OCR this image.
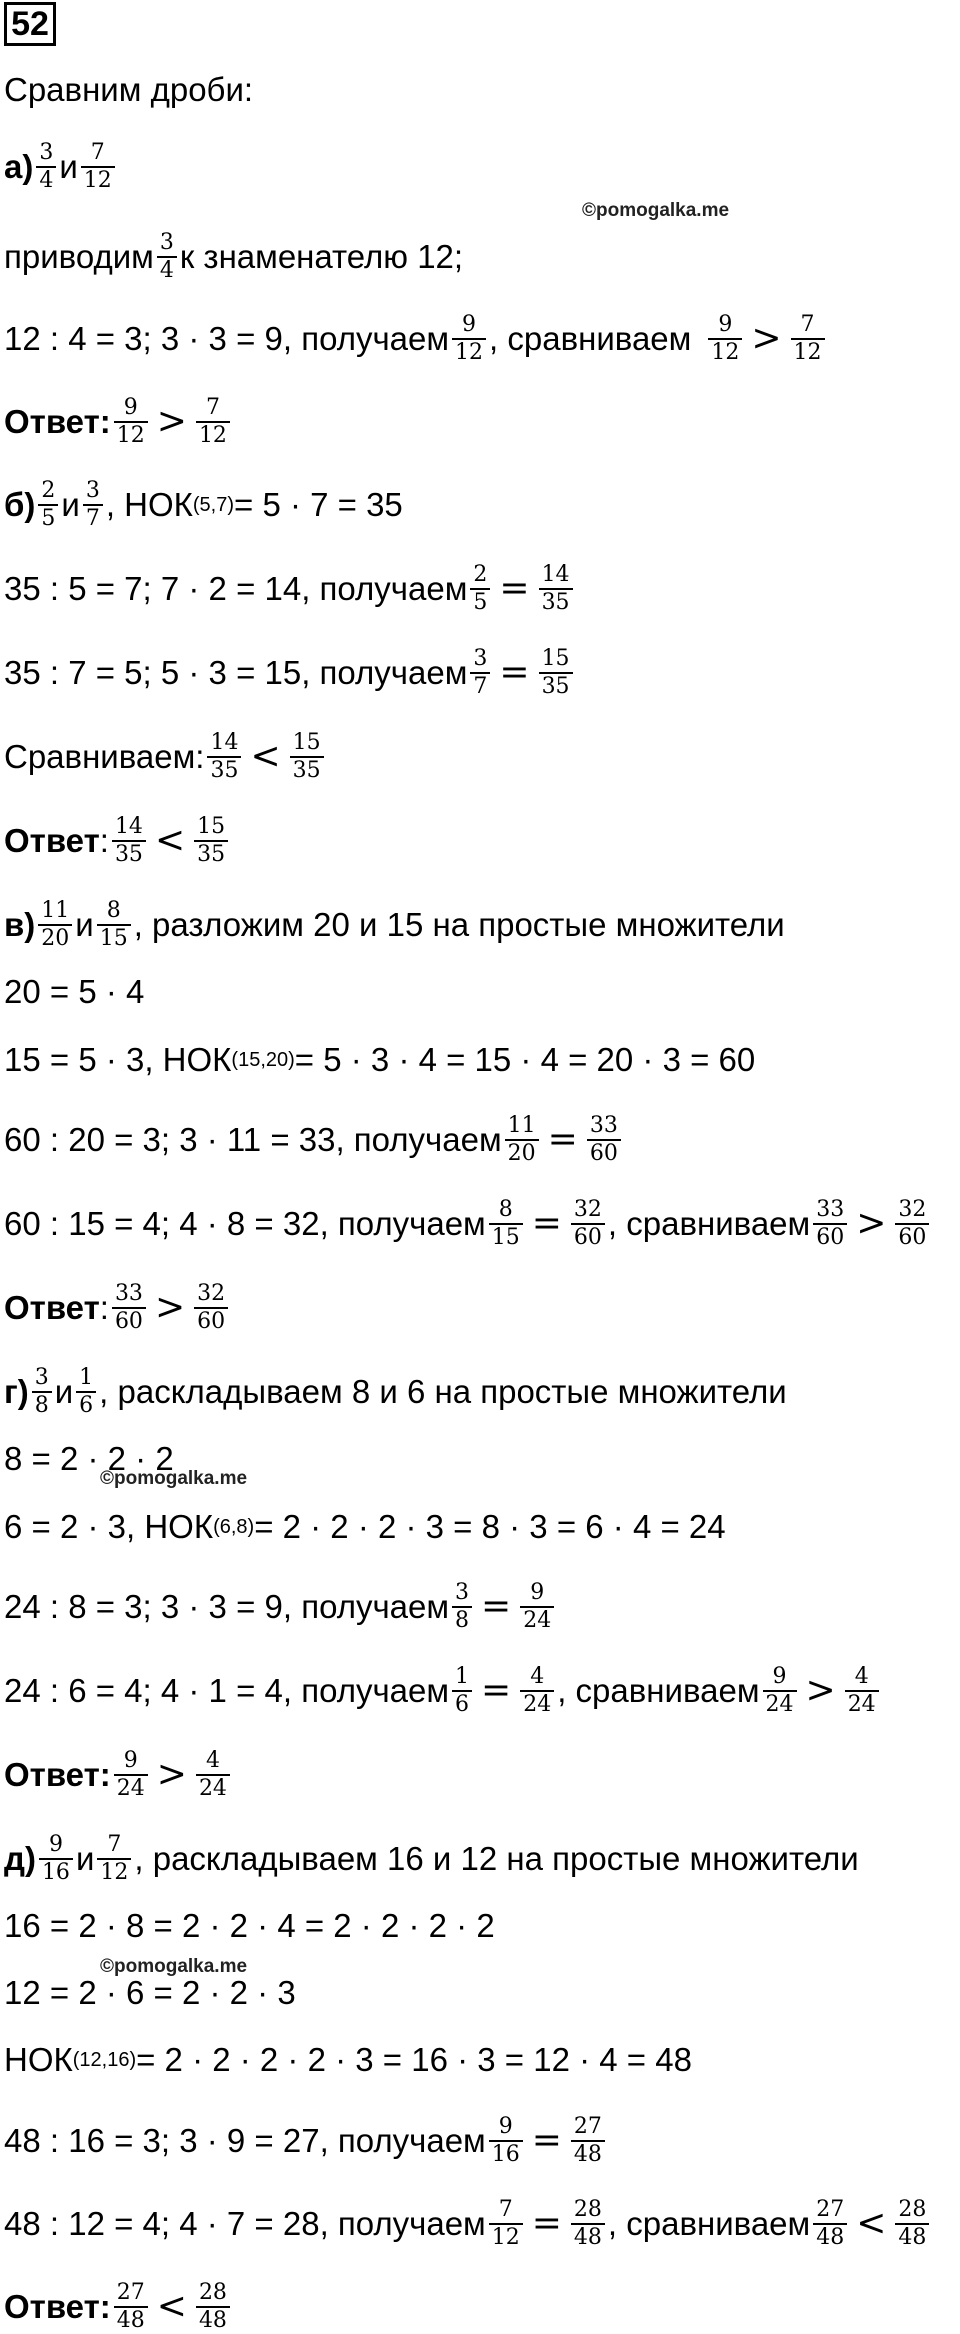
52
Сравним дроби:
$а) \frac{3}{4}$ и $\frac{7}{12}$
©pomogalka.me
приводим $\frac{3}{4}$ к знаменателю 12;
12 : 4 = 3; 3 · 3 = 9, получаем $\frac{9}{12}$ , сравниваем $\frac{9}{12} > \frac{7}{12}$
Ответ: $\frac{9}{12} > \frac{7}{12}$
$б) \frac{2}{5}$ и $\frac{3}{7}$ , НОК (5,7) = 5 · 7 = 35
35 : 5 = 7; 7 · 2 = 14, получаем $\frac{2}{5} = \frac{14}{35}$
35 : 7 = 5; 5 · 3 = 15, получаем $\frac{3}{7} = \frac{15}{35}$
Сравниваем: $\frac{14}{35} < \frac{15}{35}$
Ответ : $\frac{14}{35} < \frac{15}{35}$
$в) \frac{11}{20}$ и $\frac{8}{15}$ , разложим 20 и 15 на простые множители
20 = 5 · 4
15 = 5 · 3, НОК (15,20) = 5 · 3 · 4 = 15 · 4 = 20 · 3 = 60
60 : 20 = 3; 3 · 11 = 33, получаем $\frac{11}{20} = \frac{33}{60}$
60 : 15 = 4; 4 · 8 = 32, получаем $\frac{8}{15} = \frac{32}{60}$ , сравниваем $\frac{33}{60} > \frac{32}{60}$
Ответ : $\frac{33}{60} > \frac{32}{60}$
$г) \frac{3}{8}$ и $\frac{1}{6}$ , раскладываем 8 и 6 на простые множители
8 = 2 · 2 · 2
©pomogalka.me
6 = 2 · 3, НОК (6,8) = 2 · 2 · 2 · 3 = 8 · 3 = 6 · 4 = 24
24 : 8 = 3; 3 · 3 = 9, получаем $\frac{3}{8} = \frac{9}{24}$
24 : 6 = 4; 4 · 1 = 4, получаем $\frac{1}{6} = \frac{4}{24}$ , сравниваем $\frac{9}{24} > \frac{4}{24}$
Ответ: $\frac{9}{24} > \frac{4}{24}$
$д) \frac{9}{16}$ и $\frac{7}{12}$ , раскладываем 16 и 12 на простые множители
16 = 2 · 8 = 2 · 2 · 4 = 2 · 2 · 2 · 2
©pomogalka.me
12 = 2 · 6 = 2 · 2 · 3
НОК (12,16) = 2 · 2 · 2 · 2 · 3 = 16 · 3 = 12 · 4 = 48
48 : 16 = 3; 3 · 9 = 27, получаем $\frac{9}{16} = \frac{27}{48}$
48 : 12 = 4; 4 · 7 = 28, получаем $\frac{7}{12} = \frac{28}{48}$ , сравниваем $\frac{27}{48} < \frac{28}{48}$
Ответ: $\frac{27}{48} < \frac{28}{48}$
